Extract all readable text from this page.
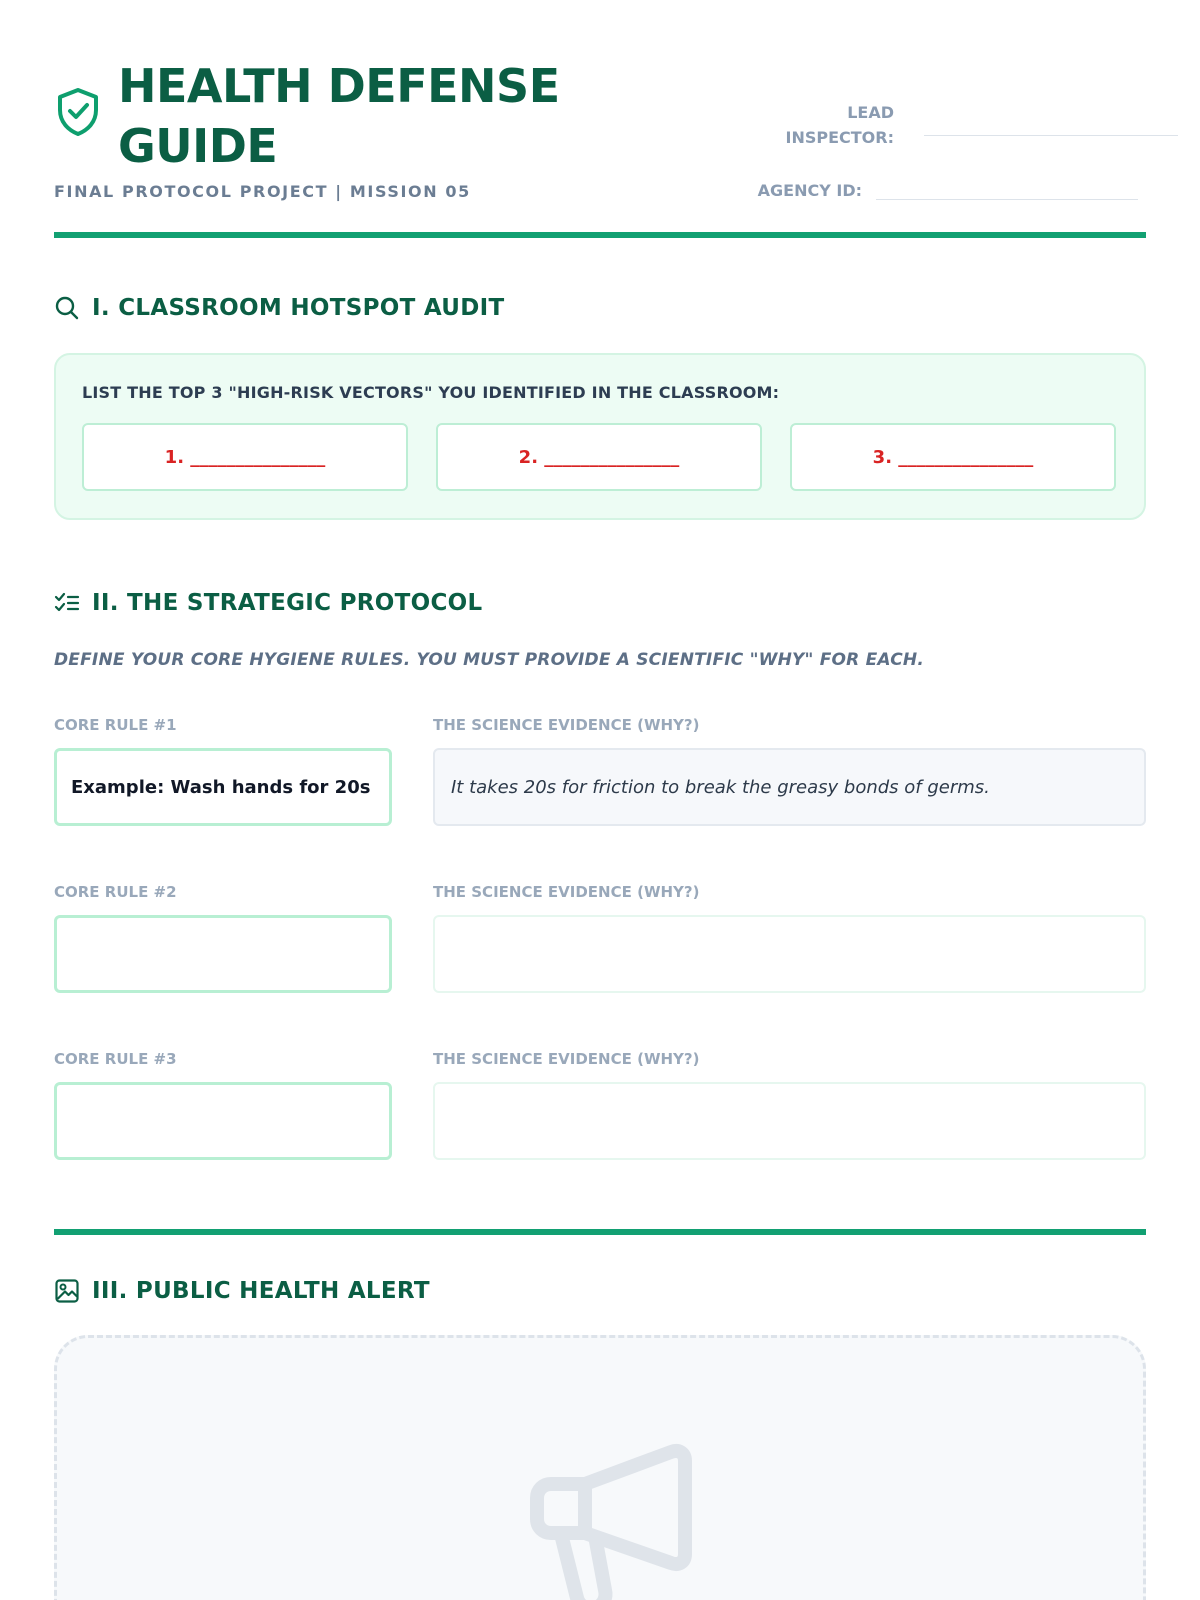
HEALTH DEFENSE GUIDE
FINAL PROTOCOL PROJECT | MISSION 05
LEAD INSPECTOR:
AGENCY ID:
I. CLASSROOM HOTSPOT AUDIT
LIST THE TOP 3 "HIGH-RISK VECTORS" YOU IDENTIFIED IN THE CLASSROOM:
1. _______________	2. _______________	3. _______________
II. THE STRATEGIC PROTOCOL
DEFINE YOUR CORE HYGIENE RULES. YOU MUST PROVIDE A SCIENTIFIC "WHY" FOR EACH.
CORE RULE #1	THE SCIENCE EVIDENCE (WHY?)
Example: Wash hands for 20s	It takes 20s for friction to break the greasy bonds of germs.
CORE RULE #2	THE SCIENCE EVIDENCE (WHY?)
CORE RULE #3	THE SCIENCE EVIDENCE (WHY?)
III. PUBLIC HEALTH ALERT
